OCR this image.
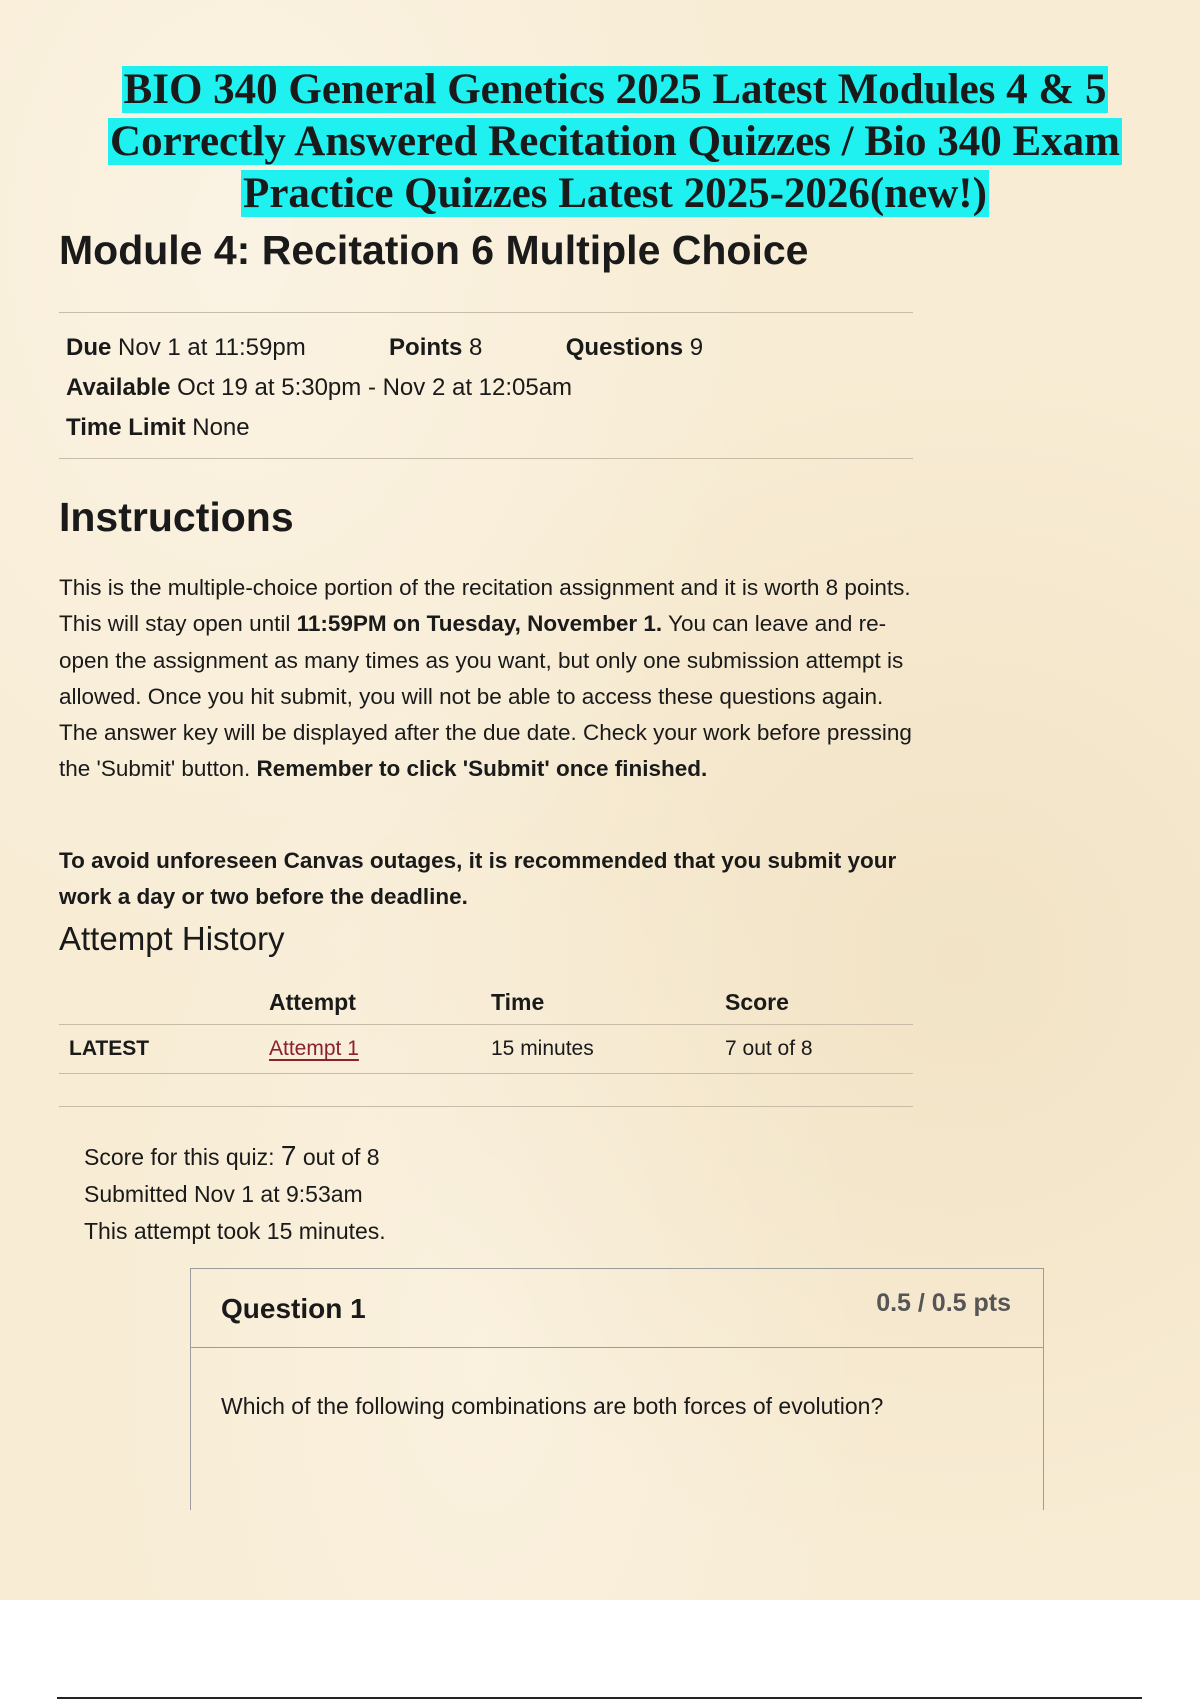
BIO 340 General Genetics 2025 Latest Modules 4 & 5 Correctly Answered Recitation Quizzes / Bio 340 Exam Practice Quizzes Latest 2025-2026(new!)
Module 4: Recitation 6 Multiple Choice
Due Nov 1 at 11:59pm	Points 8	Questions 9
Available Oct 19 at 5:30pm - Nov 2 at 12:05am
Time Limit None
Instructions

This is the multiple-choice portion of the recitation assignment and it is worth 8 points. This will stay open until 11:59PM on Tuesday, November 1. You can leave and re-open the assignment as many times as you want, but only one submission attempt is allowed. Once you hit submit, you will not be able to access these questions again. The answer key will be displayed after the due date. Check your work before pressing the 'Submit' button. Remember to click 'Submit' once finished.

To avoid unforeseen Canvas outages, it is recommended that you submit your work a day or two before the deadline.

Attempt History
	Attempt	Time	Score
LATEST	Attempt 1	15 minutes	7 out of 8
Score for this quiz: 7 out of 8
Submitted Nov 1 at 9:53am
This attempt took 15 minutes.
Question 1	0.5 / 0.5 pts

Which of the following combinations are both forces of evolution?
